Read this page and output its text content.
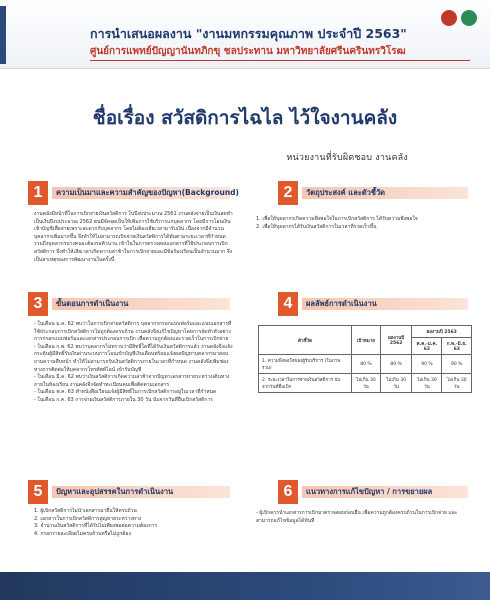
การนำเสนอผลงาน "งานมหกรรมคุณภาพ ประจำปี 2563"
ศูนย์การแพทย์ปัญญานันทภิกขุ ชลประทาน มหาวิทยาลัยศรีนครินทรวิโรฒ
ชื่อเรื่อง สวัสดิการไฉไล ไว้ใจงานคลัง
หน่วยงานที่รับผิดชอบ งานคลัง
1	ความเป็นมาและความสำคัญของปัญหา(Background)

งานคลังมีหน้าที่ในการเบิกจ่ายเงินสวัสดิการ ในปีงบประมาณ 2561 งานคลังจ่ายเป็นเงินสดทำเป็นเงินปีงบประมาณ 2562 ตนมีจัดจุดเป็นให้เพิ่มการใช้บริการแก่บุคลากร โดยมีการโอนเงินเข้าบัญชีเพื่อจ่ายเพราะสะดวกกับบุคลากร โดยไม่ต้องเสียเวลามารับเงิน เนื่องจากมีจำนวนบุคลากรเพิ่มมากขึ้น จึงทำให้ไม่สามารถเบิกจ่ายเงินสวัสดิการได้ทันตามระยะเวลาที่กำหนด รวมถึงบุคลากรบางคนจะต้องรอคิวนาน เข้าในในการตรวจสอบเอกสารที่ใช้ประกอบการเบิกสวัสดิการ จึงทำให้เสียเวลาเกิดความล่าช้าในการเบิกจ่ายและมีข้อร้องเรียนเป็นจำนวนมาก จึงเป็นสาเหตุของการพัฒนางานในครั้งนี้

2	วัตถุประสงค์ และตัวชี้วัด

1. เพื่อให้บุคลากรเกิดความพึงพอใจในการเบิกสวัสดิการ ได้รับความพึงพอใจ

2. เพื่อให้บุคลากรได้รับเงินสวัสดิการในเวลาที่รวดเร็วขึ้น

3	ขั้นตอนการดำเนินงาน

- ในเดือน ม.ค. 62 พบว่าในการเบิกจ่ายสวัสดิการ บุคลากรกรอกแบบฟอร์มและแนบเอกสารที่ใช้ประกอบการเบิกสวัสดิการไม่ถูกต้องครบถ้วน งานคลังจึงแก้ไขปัญหาโดยการจัดทำตัวอย่างการกรอกแบบฟอร์มและเอกสารประกอบการเบิก เพื่อความถูกต้องและรวดเร็วในการเบิกจ่าย

- ในเดือน ก.พ. 62 พบว่าบุคลากรไม่ทราบว่ามีสิทธิ์ใดที่ได้รับเงินสวัสดิการแล้ว งานคลังจึงแจ้งกระตุ้นผู้มีสิทธิ์รับเงินผ่านระบบการโอนเข้าบัญชีเงินเดือนพร้อมแจ้งผลปัญหาบุคลากรมาสอบถามความคืบหน้า ทำให้ไม่สามารถรับเงินสวัสดิการภายในเวลาที่กำหนด งานคลังจึงเพิ่มช่องทางการติดต่อให้บุคลากรโทรศัพท์ไลน์ เข้ารับบัญชี

- ในเดือน มี.ค. 62 พบว่าเงินสวัสดิการเกิดความล่าช้าจากปัญหาเอกสารหายระหว่างเดินทางภายในห้องเรียน งานคลังจึงจัดทำทะเบียนคุมเพื่อติดตามเอกสาร

- ในเดือน พ.ค. 63 ทำหนังสือเวียนแจ้งผู้มีสิทธิ์ในการเบิกสวัสดิการอยู่ในเวลาที่กำหนด

- ในเดือน ก.ค. 63 การจ่ายเงินสวัสดิการภายใน 30 วัน นับจากวันที่ยื่นเบิกสวัสดิการ

4	ผลลัพธ์การดำเนินงาน
ตัวชี้วัด	เป้าหมาย	ผลงานปี 2562	ผลงานปี 2563	
			ต.ค.-ม.ค. 62	ก.พ.-มิ.ย. 63
1. ความพึงพอใจของผู้รับบริการ (ในภาพรวม)	80 %	80 %	90 %	90 %
2. ระยะเวลาในการจ่ายเงินสวัสดิการ นับจากวันที่ยื่นเบิก	ไม่เกิน 30 วัน	ไม่เกิน 30 วัน	ไม่เกิน 30 วัน	ไม่เกิน 30 วัน
5	ปัญหาและอุปสรรคในการดำเนินงาน

1. ผู้เบิกสวัสดิการไม่นำเอกสารมายื่นให้ครบถ้วน

2. เอกสารในการเบิกสวัสดิการสูญหายระหว่างทาง

3. จำนวนเงินสวัสดิการที่ได้รับไม่เพียงพอต่อความต้องการ

4. กรอกรายละเอียดไม่ครบถ้วนหรือไม่ถูกต้อง

6	แนวทางการแก้ไขปัญหา / การขยายผล

- ผู้เบิกควรนำเอกสารการเบิกมาตรวจสอบก่อนยื่น เพื่อความถูกต้องครบถ้วนในการเบิกจ่าย และสามารถแก้ไขข้อมูลได้ทันที
